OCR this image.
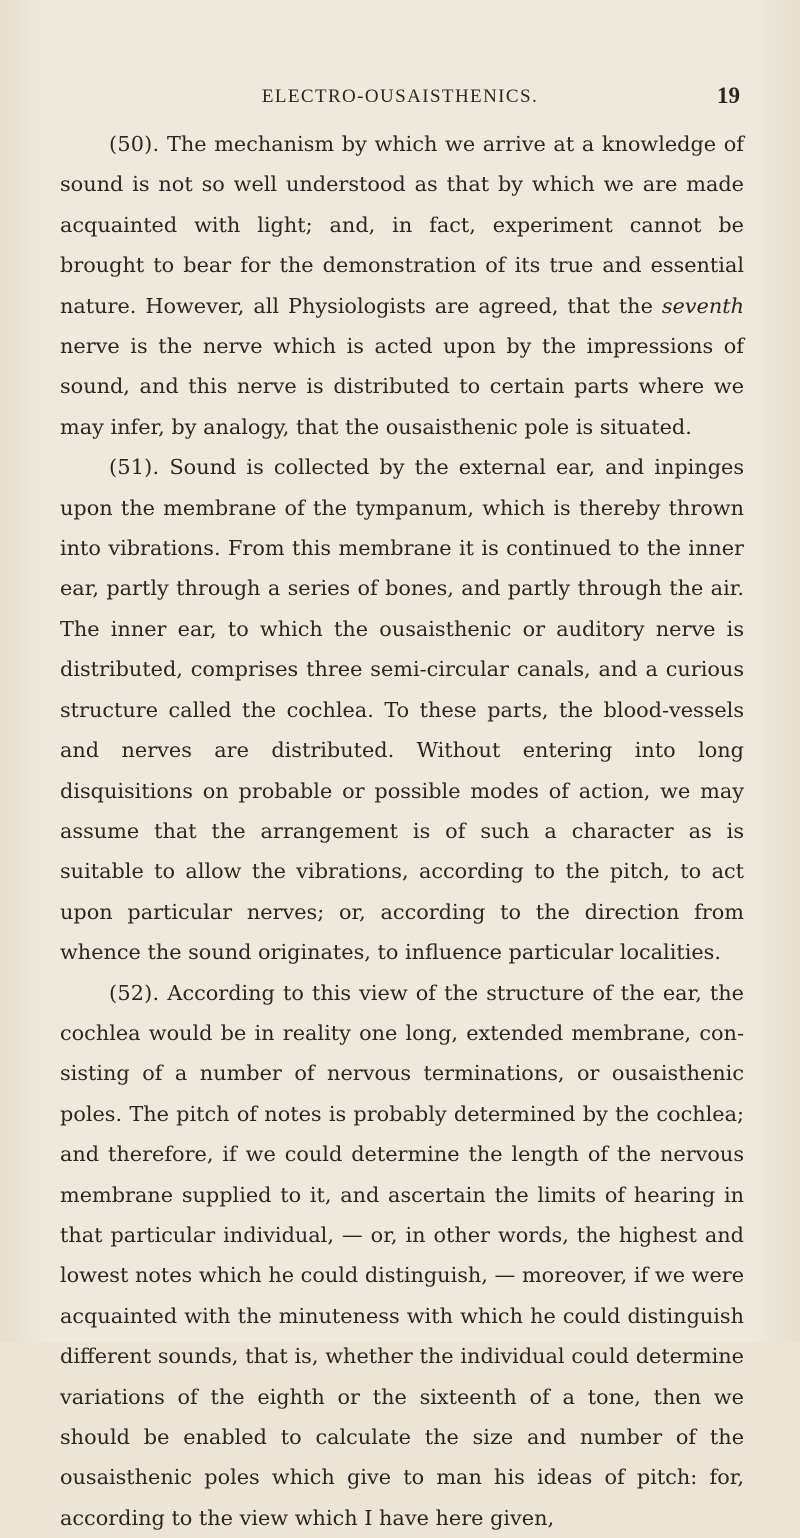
ELECTRO-OUSAISTHENICS.	19

(50). The mechanism by which we arrive at a knowledge of sound is not so well understood as that by which we are made acquainted with light; and, in fact, experiment cannot be brought to bear for the demonstration of its true and essential nature. However, all Physiologists are agreed, that the seventh nerve is the nerve which is acted upon by the impressions of sound, and this nerve is distributed to certain parts where we may infer, by analogy, that the ousaisthenic pole is situated.

(51). Sound is collected by the external ear, and inpinges upon the membrane of the tympanum, which is thereby thrown into vibrations. From this membrane it is continued to the inner ear, partly through a series of bones, and partly through the air. The inner ear, to which the ousaisthenic or auditory nerve is distributed, comprises three semi-circular canals, and a curious structure called the cochlea. To these parts, the blood-vessels and nerves are distributed. Without entering into long disquisitions on probable or possible modes of action, we may assume that the arrangement is of such a character as is suitable to allow the vibrations, according to the pitch, to act upon particular nerves; or, according to the direction from whence the sound originates, to influence particular localities.

(52). According to this view of the structure of the ear, the cochlea would be in reality one long, extended membrane, consisting of a number of nervous terminations, or ousaisthenic poles. The pitch of notes is probably determined by the cochlea; and therefore, if we could determine the length of the nervous membrane supplied to it, and ascertain the limits of hearing in that particular individual, — or, in other words, the highest and lowest notes which he could distinguish, — moreover, if we were acquainted with the minuteness with which he could distinguish different sounds, that is, whether the individual could determine variations of the eighth or the sixteenth of a tone, then we should be enabled to calculate the size and number of the ousaisthenic poles which give to man his ideas of pitch: for, according to the view which I have here given,
